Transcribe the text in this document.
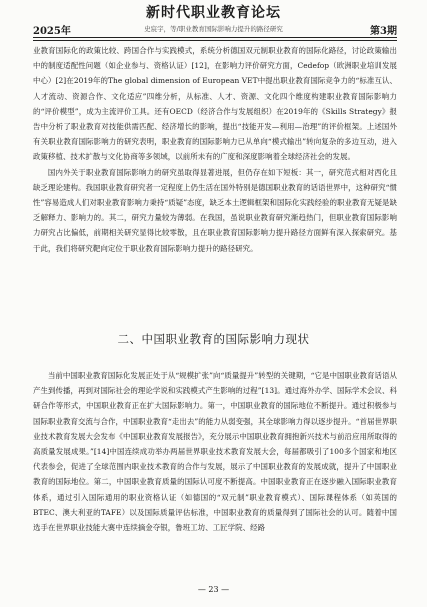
新时代职业教育论坛
2025年	史宸宇，等/职业教育国际影响力提升的路径研究	第3期

业教育国际化的政策比较、跨国合作与实践模式，系统分析德国双元制职业教育的国际化路径，讨论政策输出中的制度适配性问题（如企业参与、资格认证）[12]，在影响力评价研究方面，Cedefop（欧洲职业培训发展中心）[2]在2019年的The global dimension of European VET中提出职业教育国际竞争力的“标准互认、人才流动、资源合作、文化适应”四维分析，从标准、人才、资源、文化四个维度构建职业教育国际影响力的“评价模型”，成为主流评价工具。还有OECD（经济合作与发展组织）在2019年的《Skills Strategy》报告中分析了职业教育对技能供需匹配、经济增长的影响，提出“技能开发—利用—治理”的评价框架。上述国外有关职业教育国际影响力的研究表明，职业教育的国际影响力已从单向“模式输出”转向复杂的多边互动，进入政策移植、技术扩散与文化协商等多领域，以前所未有的广度和深度影响着全球经济社会的发展。

国内外关于职业教育国际影响力的研究虽取得显著进展，但仍存在如下短板：其一，研究范式相对西化且缺乏理论建构。我国职业教育研究者一定程度上仍生活在国外特别是德国职业教育的话语世界中，这种研究“惯性”容易造成人们对职业教育影响力秉持“质疑”态度，缺乏本土逻辑框架和国际化实践经验的职业教育无疑是缺乏解释力、影响力的。其二，研究力量较为薄弱。在我国，虽说职业教育研究渐趋热门，但职业教育国际影响力研究占比偏低，前期相关研究显得比较零散，且在职业教育国际影响力提升路径方面鲜有深入探索研究。基于此，我们将研究靶向定位于职业教育国际影响力提升的路径研究。

二、中国职业教育的国际影响力现状

当前中国职业教育国际化发展正处于从“规模扩张”向“质量提升”转型的关键期，“它是中国职业教育话语从产生到传播，再到对国际社会的理论学说和实践模式产生影响的过程”[13]。通过海外办学、国际学术会议、科研合作等形式，中国职业教育正在扩大国际影响力。第一，中国职业教育的国际地位不断提升。通过积极参与国际职业教育交流与合作，中国职业教育“走出去”的能力从弱变强，其全球影响力得以逐步提升。“首届世界职业技术教育发展大会发布《中国职业教育发展报告》，充分展示中国职业教育拥抱新兴技术与前沿应用所取得的高质量发展成果。”[14]中国连续成功举办两届世界职业技术教育发展大会，每届都吸引了100多个国家和地区代表参会，促进了全球范围内职业技术教育的合作与发展，展示了中国职业教育的发展成就，提升了中国职业教育的国际地位。第二，中国职业教育质量的国际认可度不断提高。中国职业教育正在逐步融入国际职业教育体系，通过引入国际通用的职业资格认证（如德国的“双元制”职业教育模式）、国际课程体系（如英国的BTEC、澳大利亚的TAFE）以及国际质量评估标准，中国职业教育的质量得到了国际社会的认可。随着中国选手在世界职业技能大赛中连续摘金夺银，鲁班工坊、工匠学院、经路

— 23 —
